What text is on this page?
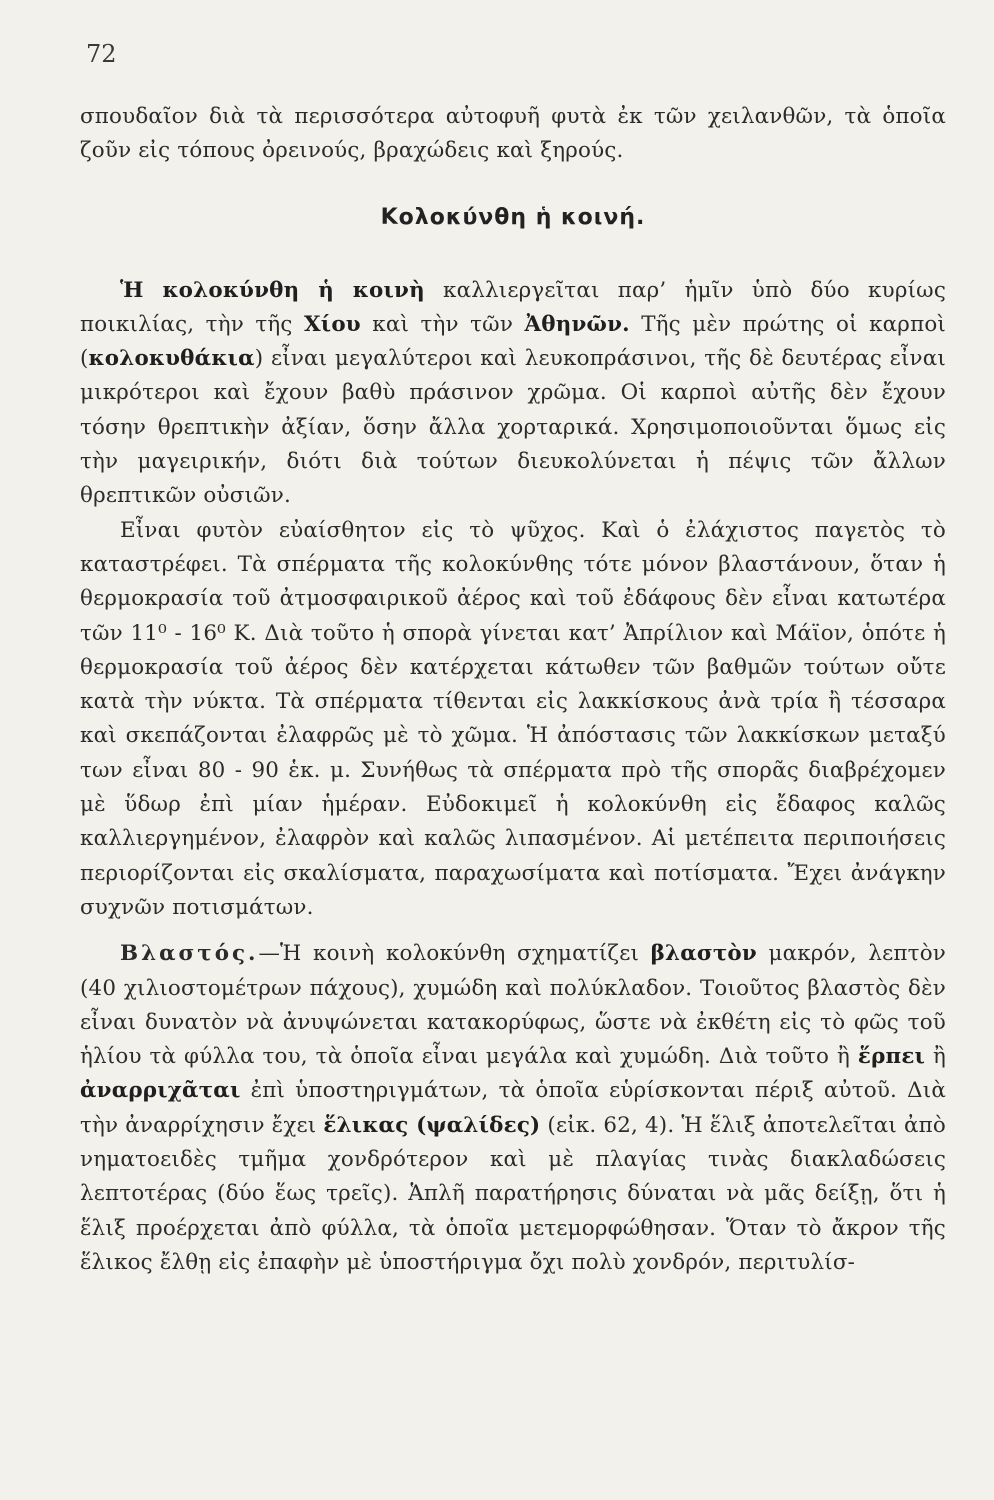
72

σπουδαῖον διὰ τὰ περισσότερα αὐτοφυῆ φυτὰ ἐκ τῶν χειλανθῶν, τὰ ὁποῖα ζοῦν εἰς τόπους ὀρεινούς, βραχώδεις καὶ ξηρούς.

Κολοκύνθη ἡ κοινή.

Ἡ κολοκύνθη ἡ κοινὴ καλλιεργεῖται παρ’ ἡμῖν ὑπὸ δύο κυρίως ποικιλίας, τὴν τῆς Χίου καὶ τὴν τῶν Ἀθηνῶν. Τῆς μὲν πρώτης οἱ καρποὶ (κολοκυθάκια) εἶναι μεγαλύτεροι καὶ λευκοπράσινοι, τῆς δὲ δευτέρας εἶναι μικρότεροι καὶ ἔχουν βαθὺ πράσινον χρῶμα. Οἱ καρποὶ αὐτῆς δὲν ἔχουν τόσην θρεπτικὴν ἀξίαν, ὅσην ἄλλα χορταρικά. Χρησιμοποιοῦνται ὅμως εἰς τὴν μαγειρικήν, διότι διὰ τούτων διευκολύνεται ἡ πέψις τῶν ἄλλων θρεπτικῶν οὐσιῶν.

Εἶναι φυτὸν εὐαίσθητον εἰς τὸ ψῦχος. Καὶ ὁ ἐλάχιστος παγετὸς τὸ καταστρέφει. Τὰ σπέρματα τῆς κολοκύνθης τότε μόνον βλαστάνουν, ὅταν ἡ θερμοκρασία τοῦ ἀτμοσφαιρικοῦ ἀέρος καὶ τοῦ ἐδάφους δὲν εἶναι κατωτέρα τῶν 11⁰ - 16⁰ Κ. Διὰ τοῦτο ἡ σπορὰ γίνεται κατ’ Ἀπρίλιον καὶ Μάϊον, ὁπότε ἡ θερμοκρασία τοῦ ἀέρος δὲν κατέρχεται κάτωθεν τῶν βαθμῶν τούτων οὔτε κατὰ τὴν νύκτα. Τὰ σπέρματα τίθενται εἰς λακκίσκους ἀνὰ τρία ἢ τέσσαρα καὶ σκεπάζονται ἐλαφρῶς μὲ τὸ χῶμα. Ἡ ἀπόστασις τῶν λακκίσκων μεταξύ των εἶναι 80 - 90 ἑκ. μ. Συνήθως τὰ σπέρματα πρὸ τῆς σπορᾶς διαβρέχομεν μὲ ὕδωρ ἐπὶ μίαν ἡμέραν. Εὐδοκιμεῖ ἡ κολοκύνθη εἰς ἔδαφος καλῶς καλλιεργημένον, ἐλαφρὸν καὶ καλῶς λιπασμένον. Αἱ μετέπειτα περιποιήσεις περιορίζονται εἰς σκαλίσματα, παραχωσίματα καὶ ποτίσματα. Ἔχει ἀνάγκην συχνῶν ποτισμάτων.

Βλαστός.—Ἡ κοινὴ κολοκύνθη σχηματίζει βλαστὸν μακρόν, λεπτὸν (40 χιλιοστομέτρων πάχους), χυμώδη καὶ πολύκλαδον. Τοιοῦτος βλαστὸς δὲν εἶναι δυνατὸν νὰ ἀνυψώνεται κατακορύφως, ὥστε νὰ ἐκθέτη εἰς τὸ φῶς τοῦ ἡλίου τὰ φύλλα του, τὰ ὁποῖα εἶναι μεγάλα καὶ χυμώδη. Διὰ τοῦτο ἢ ἕρπει ἢ ἀναρριχᾶται ἐπὶ ὑποστηριγμάτων, τὰ ὁποῖα εὑρίσκονται πέριξ αὐτοῦ. Διὰ τὴν ἀναρρίχησιν ἔχει ἕλικας (ψαλίδες) (εἰκ. 62, 4). Ἡ ἕλιξ ἀποτελεῖται ἀπὸ νηματοειδὲς τμῆμα χονδρότερον καὶ μὲ πλαγίας τινὰς διακλαδώσεις λεπτοτέρας (δύο ἕως τρεῖς). Ἁπλῆ παρατήρησις δύναται νὰ μᾶς δείξῃ, ὅτι ἡ ἕλιξ προέρχεται ἀπὸ φύλλα, τὰ ὁποῖα μετεμορφώθησαν. Ὅταν τὸ ἄκρον τῆς ἕλικος ἔλθῃ εἰς ἐπαφὴν μὲ ὑποστήριγμα ὄχι πολὺ χονδρόν, περιτυλίσ-
